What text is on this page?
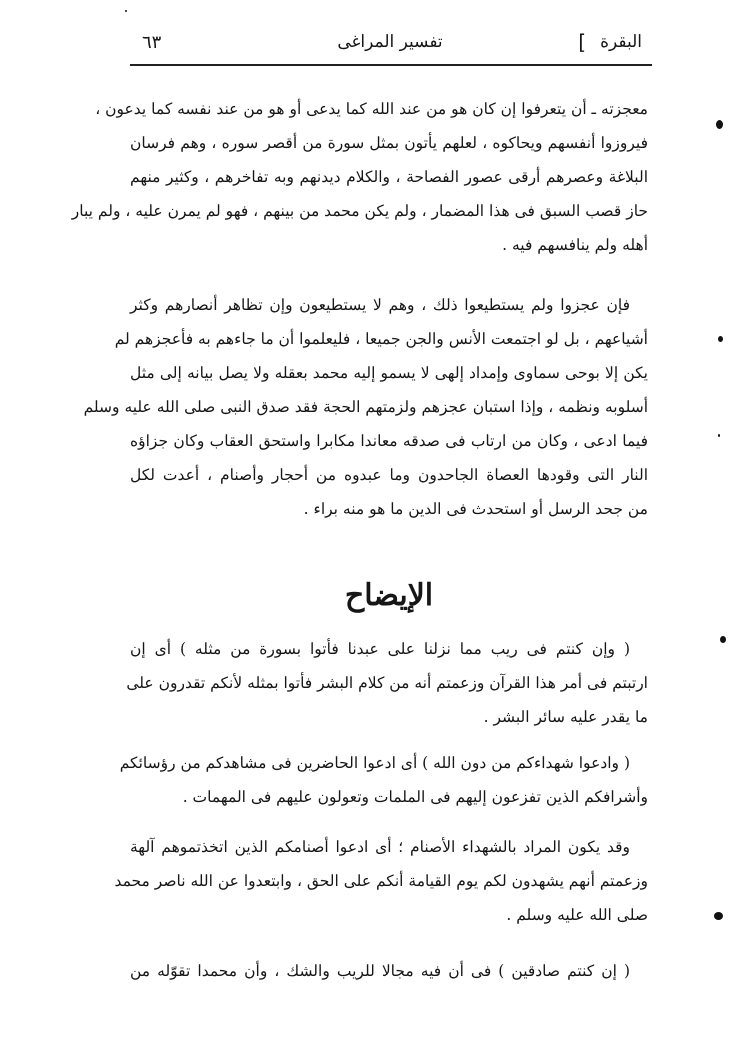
البقرة
]
تفسير المراغى
٦٣
معجزته ـ أن يتعرفوا إن كان هو من عند الله كما يدعى أو هو من عند نفسه كما يدعون ،
فيروزوا أنفسهم ويحاكوه ، لعلهم يأتون بمثل سورة من أقصر سوره ، وهم فرسان
البلاغة وعصرهم أرقى عصور الفصاحة ، والكلام ديدنهم وبه تفاخرهم ، وكثير منهم
حاز قصب السبق فى هذا المضمار ، ولم يكن محمد من بينهم ، فهو لم يمرن عليه ، ولم يبار
أهله ولم ينافسهم فيه .
فإن عجزوا ولم يستطيعوا ذلك ، وهم لا يستطيعون وإن تظاهر أنصارهم وكثر
أشياعهم ، بل لو اجتمعت الأنس والجن جميعا ، فليعلموا أن ما جاءهم به فأعجزهم لم
يكن إلا بوحى سماوى وإمداد إلهى لا يسمو إليه محمد بعقله ولا يصل بيانه إلى مثل
أسلوبه ونظمه ، وإذا استبان عجزهم ولزمتهم الحجة فقد صدق النبى صلى الله عليه وسلم
فيما ادعى ، وكان من ارتاب فى صدقه معاندا مكابرا واستحق العقاب وكان جزاؤه
النار التى وقودها العصاة الجاحدون وما عبدوه من أحجار وأصنام ، أعدت لكل
من جحد الرسل أو استحدث فى الدين ما هو منه براء .
الإيضاح
( وإن كنتم فى ريب مما نزلنا على عبدنا فأتوا بسورة من مثله ) أى إن
ارتبتم فى أمر هذا القرآن وزعمتم أنه من كلام البشر فأتوا بمثله لأنكم تقدرون على
ما يقدر عليه سائر البشر .
( وادعوا شهداءكم من دون الله ) أى ادعوا الحاضرين فى مشاهدكم من رؤسائكم
وأشرافكم الذين تفزعون إليهم فى الملمات وتعولون عليهم فى المهمات .
وقد يكون المراد بالشهداء الأصنام ؛ أى ادعوا أصنامكم الذين اتخذتموهم آلهة
وزعمتم أنهم يشهدون لكم يوم القيامة أنكم على الحق ، وابتعدوا عن الله ناصر محمد
صلى الله عليه وسلم .
( إن كنتم صادقين ) فى أن فيه مجالا للريب والشك ، وأن محمدا تقوّله من
